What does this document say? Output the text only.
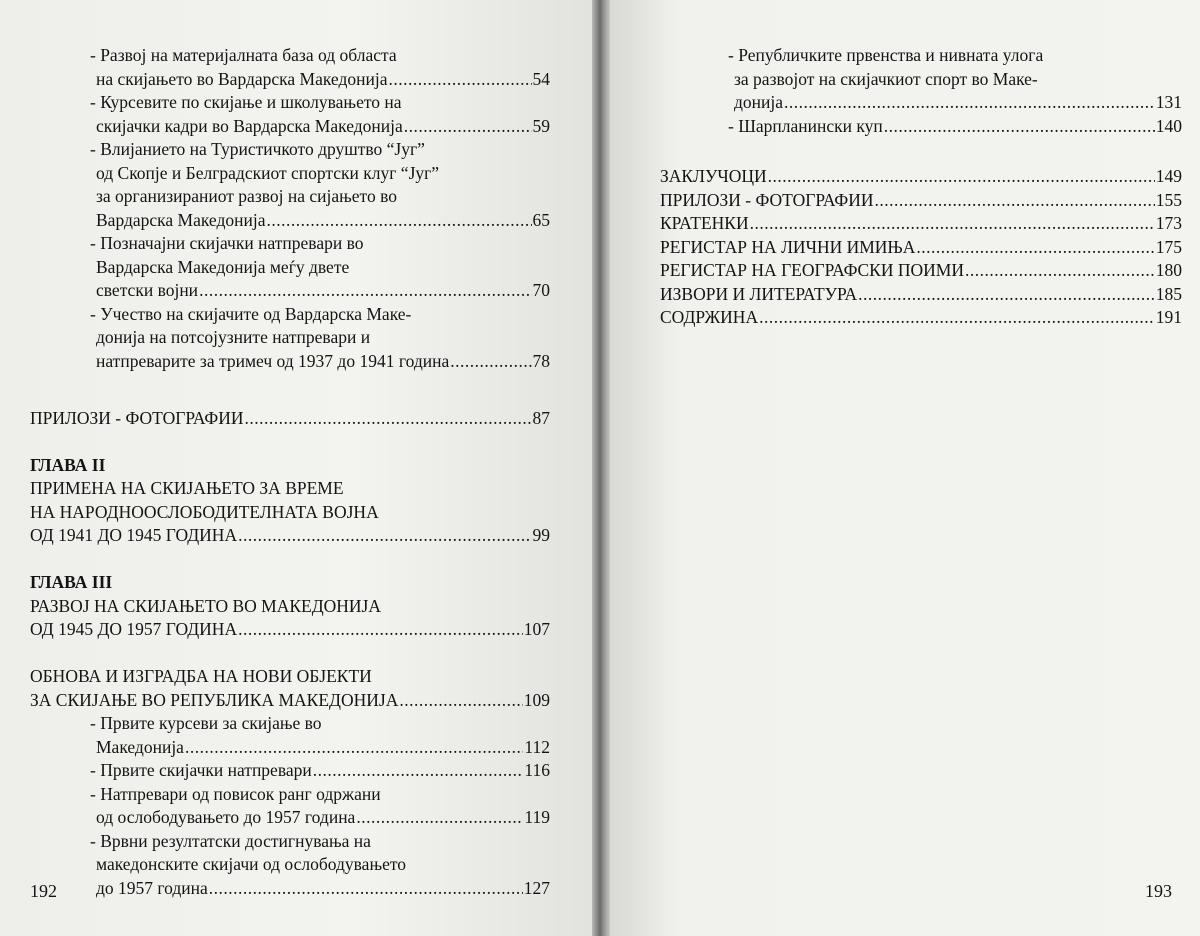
- Развој на материјалната база од областа
на скијањето во Вардарска Македонија .....	54
- Курсевите по скијање и школувањето на
скијачки кадри во Вардарска Македонија .....	59
- Влијанието на Туристичкото друштво “Југ”
од Скопје и Белградскиот спортски клуг “Југ”
за организираниот развој на сијањето во
Вардарска Македонија .....	65
- Позначајни скијачки натпревари во
Вардарска Македонија меѓу двете
светски војни .....	70
- Учество на скијачите од Вардарска Маке-
донија на потсојузните натпревари и
натпреварите за тримеч од 1937 до 1941 година .....	78
ПРИЛОЗИ - ФОТОГРАФИИ .....	87
ГЛАВА II
ПРИМЕНА НА СКИЈАЊЕТО ЗА ВРЕМЕ
НА НАРОДНООСЛОБОДИТЕЛНАТА ВОЈНА
ОД 1941 ДО 1945 ГОДИНА .....	99
ГЛАВА III
РАЗВОЈ НА СКИЈАЊЕТО ВО МАКЕДОНИЈА
ОД 1945 ДО 1957 ГОДИНА .....	107
ОБНОВА И ИЗГРАДБА НА НОВИ ОБЈЕКТИ
ЗА СКИЈАЊЕ ВО РЕПУБЛИКА МАКЕДОНИЈА .....	109
- Првите курсеви за скијање во
Македонија .....	112
- Првите скијачки натпревари .....	116
- Натпревари од повисок ранг одржани
од ослободувањето до 1957 година .....	119
- Врвни резултатски достигнувања на
македонските скијачи од ослободувањето
до 1957 година .....	127
192
- Републичките првенства и нивната улога
за развојот на скијачкиот спорт во Маке-
донија .....	131
- Шарпланински куп .....	140
ЗАКЛУЧОЦИ .....	149
ПРИЛОЗИ - ФОТОГРАФИИ .....	155
КРАТЕНКИ .....	173
РЕГИСТАР НА ЛИЧНИ ИМИЊА .....	175
РЕГИСТАР НА ГЕОГРАФСКИ ПОИМИ .....	180
ИЗВОРИ И ЛИТЕРАТУРА .....	185
СОДРЖИНА .....	191
193
